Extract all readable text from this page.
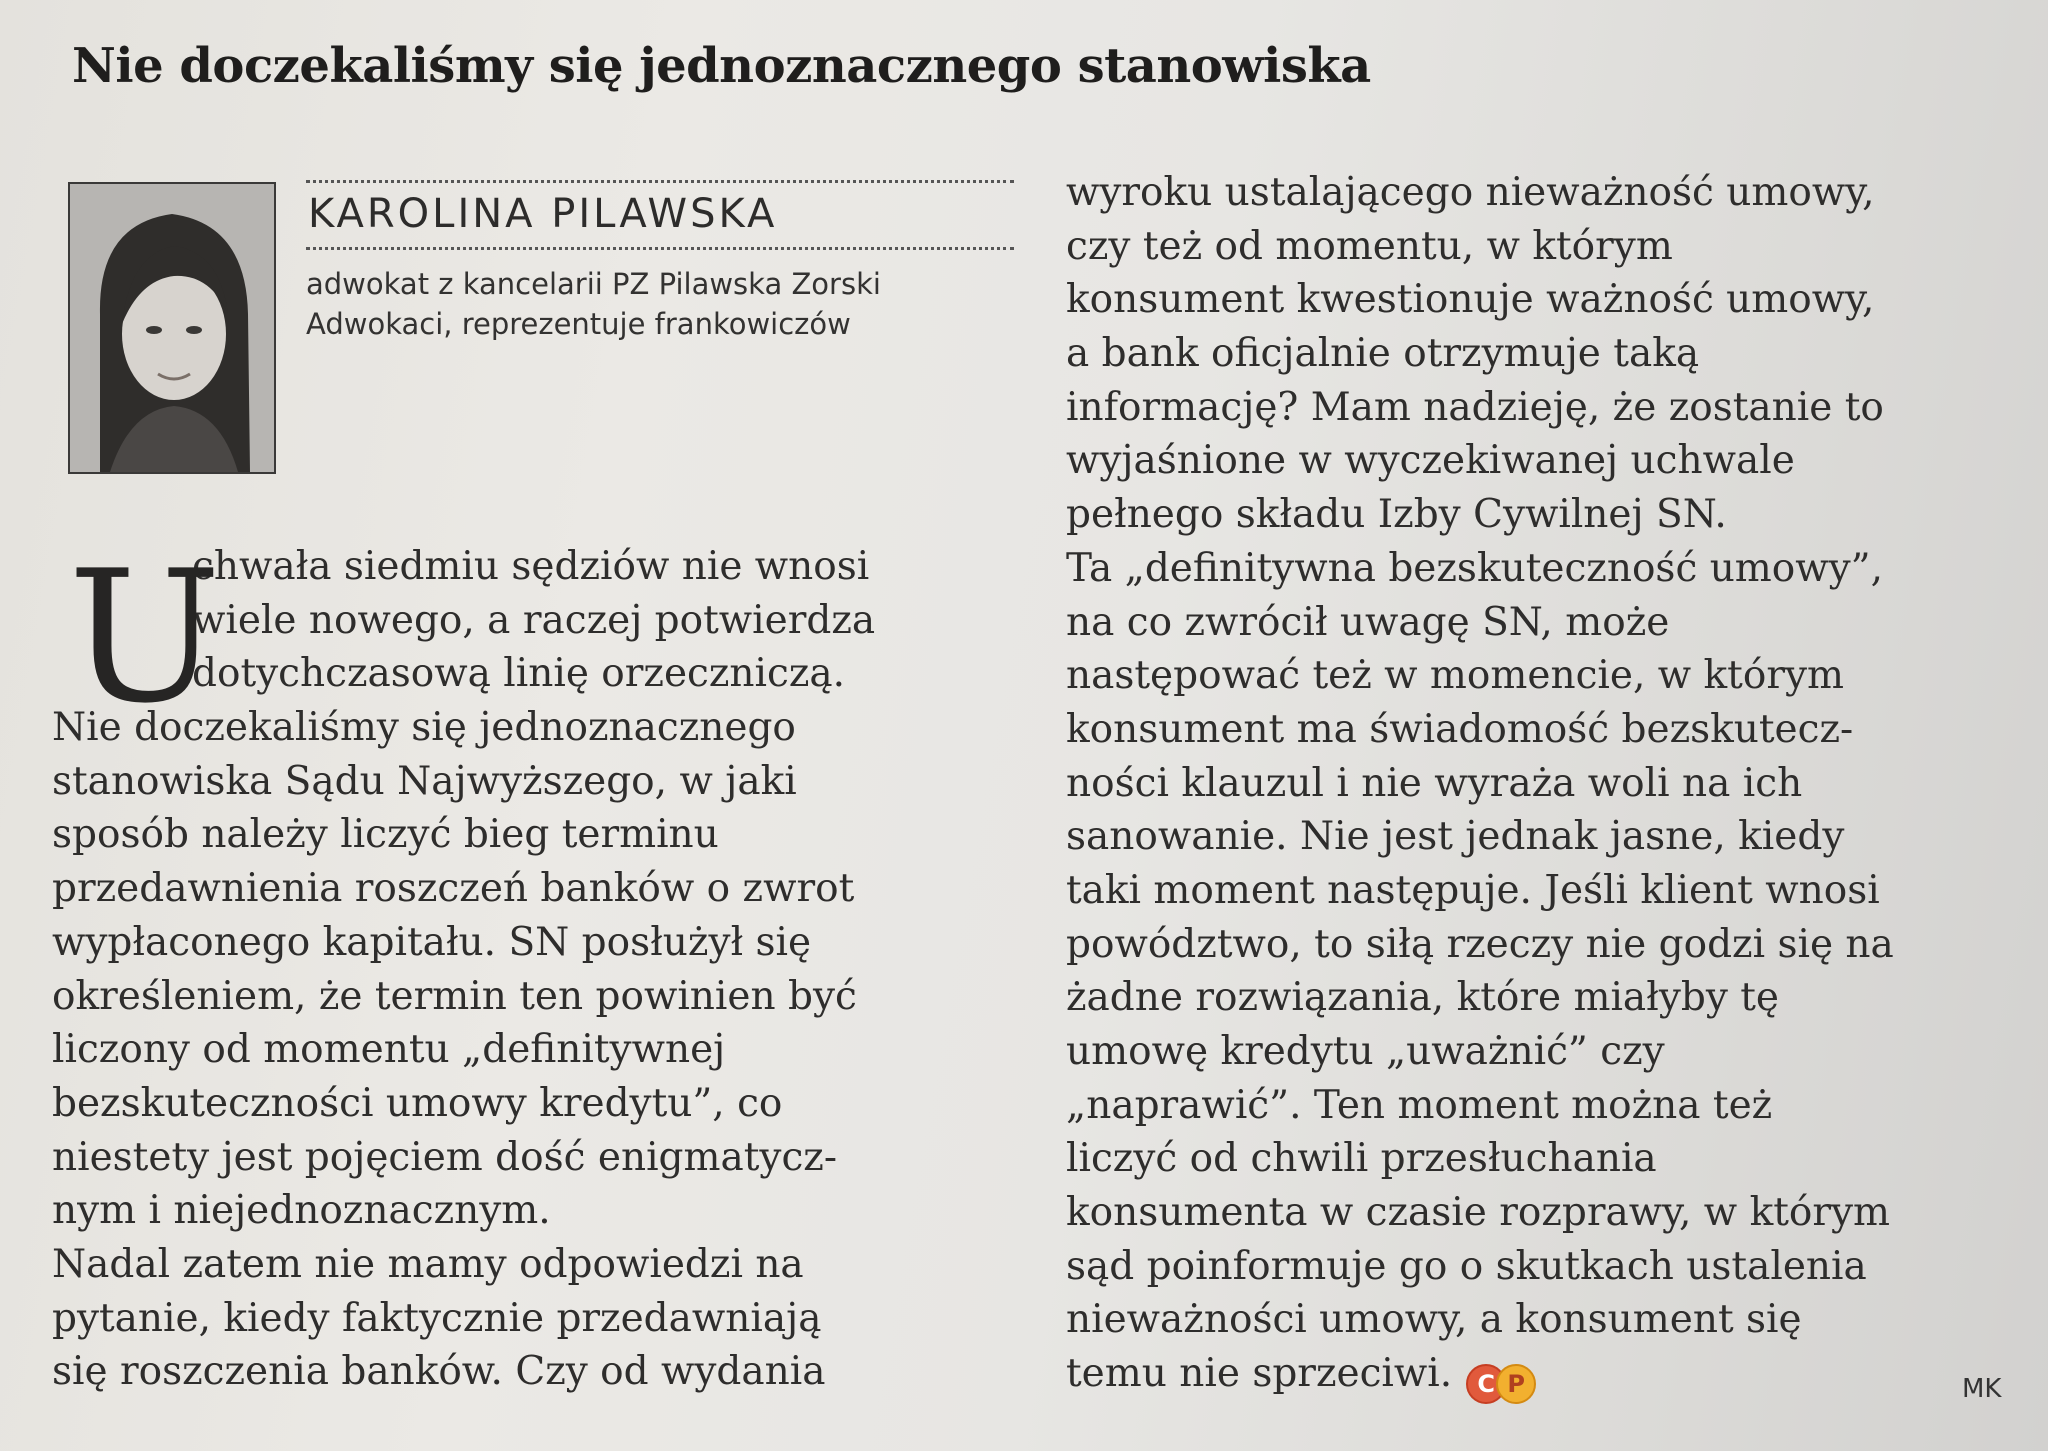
Nie doczekaliśmy się jednoznacznego stanowiska
KAROLINA PILAWSKA
adwokat z kancelarii PZ Pilawska Zorski
Adwokaci, reprezentuje frankowiczów
U
chwała siedmiu sędziów nie wnosi
wiele nowego, a raczej potwierdza
dotychczasową linię orzeczniczą.
Nie doczekaliśmy się jednoznacznego
stanowiska Sądu Najwyższego, w jaki
sposób należy liczyć bieg terminu
przedawnienia roszczeń banków o zwrot
wypłaconego kapitału. SN posłużył się
określeniem, że termin ten powinien być
liczony od momentu „definitywnej
bezskuteczności umowy kredytu”, co
niestety jest pojęciem dość enigmatycz-
nym i niejednoznacznym.
Nadal zatem nie mamy odpowiedzi na
pytanie, kiedy faktycznie przedawniają
się roszczenia banków. Czy od wydania
wyroku ustalającego nieważność umowy,
czy też od momentu, w którym
konsument kwestionuje ważność umowy,
a bank oficjalnie otrzymuje taką
informację? Mam nadzieję, że zostanie to
wyjaśnione w wyczekiwanej uchwale
pełnego składu Izby Cywilnej SN.
Ta „definitywna bezskuteczność umowy”,
na co zwrócił uwagę SN, może
następować też w momencie, w którym
konsument ma świadomość bezskutecz-
ności klauzul i nie wyraża woli na ich
sanowanie. Nie jest jednak jasne, kiedy
taki moment następuje. Jeśli klient wnosi
powództwo, to siłą rzeczy nie godzi się na
żadne rozwiązania, które miałyby tę
umowę kredytu „uważnić” czy
„naprawić”. Ten moment można też
liczyć od chwili przesłuchania
konsumenta w czasie rozprawy, w którym
sąd poinformuje go o skutkach ustalenia
nieważności umowy, a konsument się
temu nie sprzeciwi. C P	MK
